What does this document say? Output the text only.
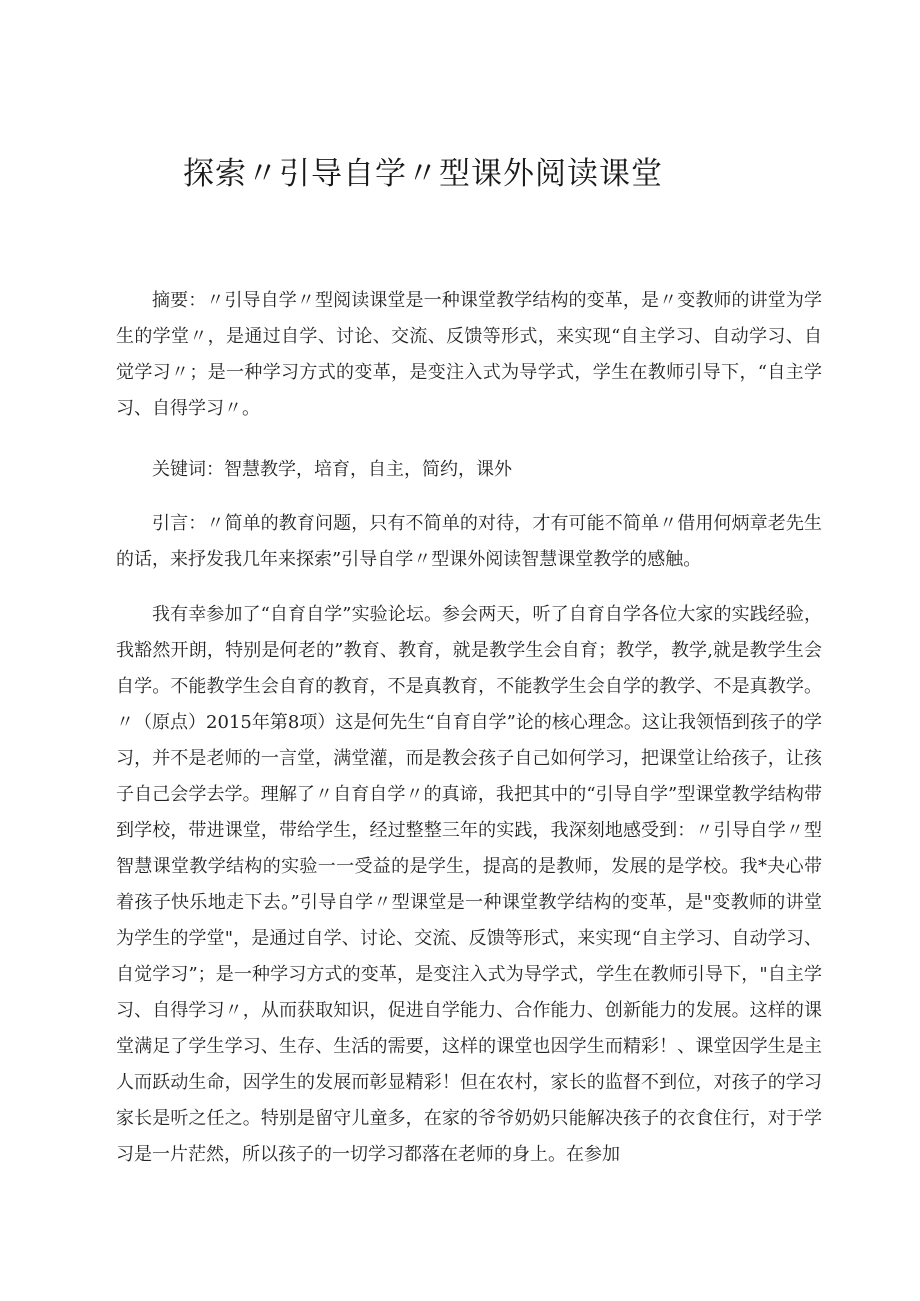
探索〃引导自学〃型课外阅读课堂

摘要：〃引导自学〃型阅读课堂是一种课堂教学结构的变革，是〃变教师的讲堂为学生的学堂〃，是通过自学、讨论、交流、反馈等形式，来实现“自主学习、自动学习、自觉学习〃；是一种学习方式的变革，是变注入式为导学式，学生在教师引导下，“自主学习、自得学习〃。

关键词：智慧教学，培育，自主，简约，课外

引言：〃简单的教育问题，只有不简单的对待，才有可能不简单〃借用何炳章老先生的话，来抒发我几年来探索”引导自学〃型课外阅读智慧课堂教学的感触。

我有幸参加了“自育自学”实验论坛。参会两天，听了自育自学各位大家的实践经验，我豁然开朗，特别是何老的”教育、教育，就是教学生会自育；教学，教学,就是教学生会自学。不能教学生会自育的教育，不是真教育，不能教学生会自学的教学、不是真教学。〃（原点）2015年第8项）这是何先生“自育自学”论的核心理念。这让我领悟到孩子的学习，并不是老师的一言堂，满堂灌，而是教会孩子自己如何学习，把课堂让给孩子，让孩子自己会学去学。理解了〃自育自学〃的真谛，我把其中的“引导自学”型课堂教学结构带到学校，带进课堂，带给学生，经过整整三年的实践，我深刻地感受到：〃引导自学〃型智慧课堂教学结构的实验一一受益的是学生，提高的是教师，发展的是学校。我*夬心带着孩子快乐地走下去。”引导自学〃型课堂是一种课堂教学结构的变革，是"变教师的讲堂为学生的学堂"，是通过自学、讨论、交流、反馈等形式，来实现“自主学习、自动学习、自觉学习”；是一种学习方式的变革，是变注入式为导学式，学生在教师引导下，"自主学习、自得学习〃，从而获取知识，促进自学能力、合作能力、创新能力的发展。这样的课堂满足了学生学习、生存、生活的需要，这样的课堂也因学生而精彩！、课堂因学生是主人而跃动生命，因学生的发展而彰显精彩！但在农村，家长的监督不到位，对孩子的学习家长是听之任之。特别是留守儿童多，在家的爷爷奶奶只能解决孩子的衣食住行，对于学习是一片茫然，所以孩子的一切学习都落在老师的身上。在参加
